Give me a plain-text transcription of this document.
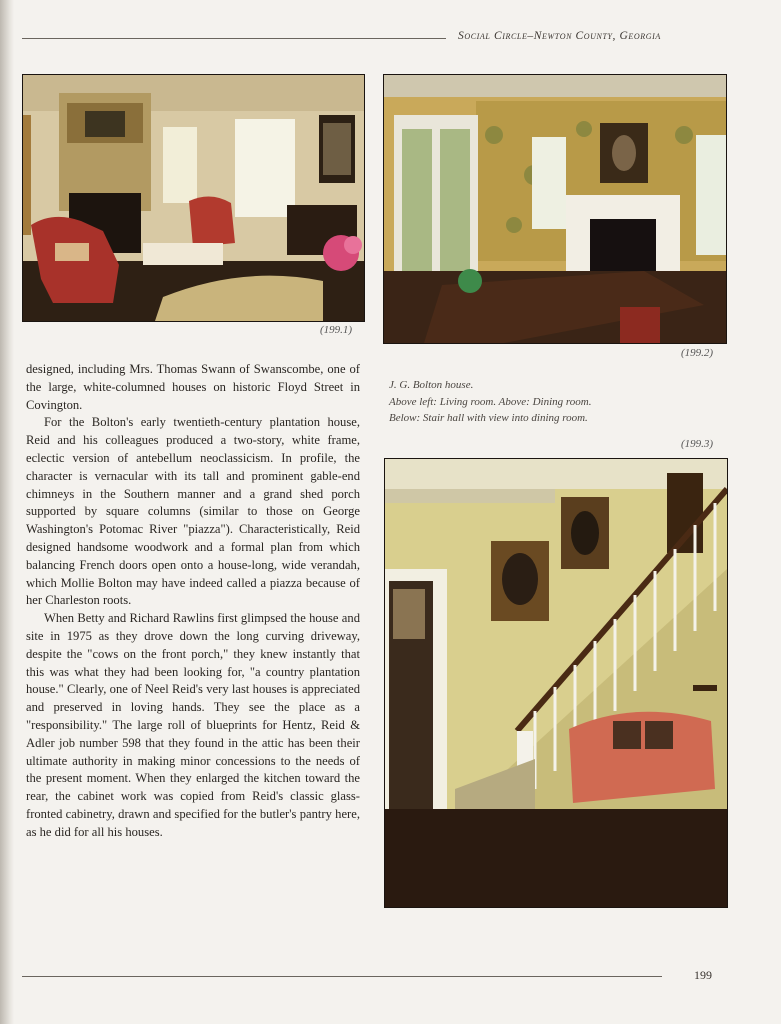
Social Circle–Newton County, Georgia
(199.1)
(199.2)
J. G. Bolton house.
Above left: Living room. Above: Dining room.
Below: Stair hall with view into dining room.
(199.3)

designed, including Mrs. Thomas Swann of Swanscombe, one of the large, white-columned houses on historic Floyd Street in Covington.

For the Bolton's early twentieth-century plantation house, Reid and his colleagues produced a two-story, white frame, eclectic version of antebellum neoclassicism. In profile, the character is vernacular with its tall and prominent gable-end chimneys in the Southern manner and a grand shed porch supported by square columns (similar to those on George Washington's Potomac River "piazza"). Characteristically, Reid designed handsome woodwork and a formal plan from which balancing French doors open onto a house-long, wide verandah, which Mollie Bolton may have indeed called a piazza because of her Charleston roots.

When Betty and Richard Rawlins first glimpsed the house and site in 1975 as they drove down the long curving driveway, despite the "cows on the front porch," they knew instantly that this was what they had been looking for, "a country plantation house." Clearly, one of Neel Reid's very last houses is appreciated and preserved in loving hands. They see the place as a "responsibility." The large roll of blueprints for Hentz, Reid & Adler job number 598 that they found in the attic has been their ultimate authority in making minor concessions to the needs of the present moment. When they enlarged the kitchen toward the rear, the cabinet work was copied from Reid's classic glass-fronted cabinetry, drawn and specified for the butler's pantry here, as he did for all his houses.

199
